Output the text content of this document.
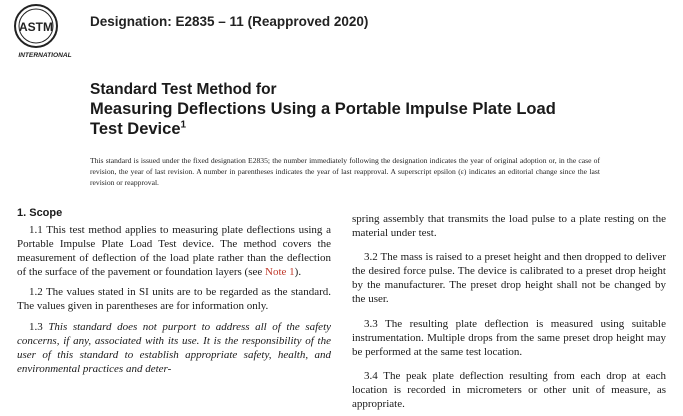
ASTM
INTERNATIONAL
Designation: E2835 – 11 (Reapproved 2020)
Standard Test Method for
Measuring Deflections Using a Portable Impulse Plate Load
Test Device$^1$
This standard is issued under the fixed designation E2835; the number immediately following the designation indicates the year of original adoption or, in the case of revision, the year of last revision. A number in parentheses indicates the year of last reapproval. A superscript epsilon (ε) indicates an editorial change since the last revision or reapproval.
1. Scope

1.1 This test method applies to measuring plate deflections using a Portable Impulse Plate Load Test device. The method covers the measurement of deflection of the load plate rather than the deflection of the surface of the pavement or foundation layers (see Note 1).

1.2 The values stated in SI units are to be regarded as the standard. The values given in parentheses are for information only.

1.3 This standard does not purport to address all of the safety concerns, if any, associated with its use. It is the responsibility of the user of this standard to establish appropriate safety, health, and environmental practices and deter-

spring assembly that transmits the load pulse to a plate resting on the material under test.

3.2 The mass is raised to a preset height and then dropped to deliver the desired force pulse. The device is calibrated to a preset drop height by the manufacturer. The preset drop height shall not be changed by the user.

3.3 The resulting plate deflection is measured using suitable instrumentation. Multiple drops from the same preset drop height may be performed at the same test location.

3.4 The peak plate deflection resulting from each drop at each location is recorded in micrometers or other unit of measure, as appropriate.
